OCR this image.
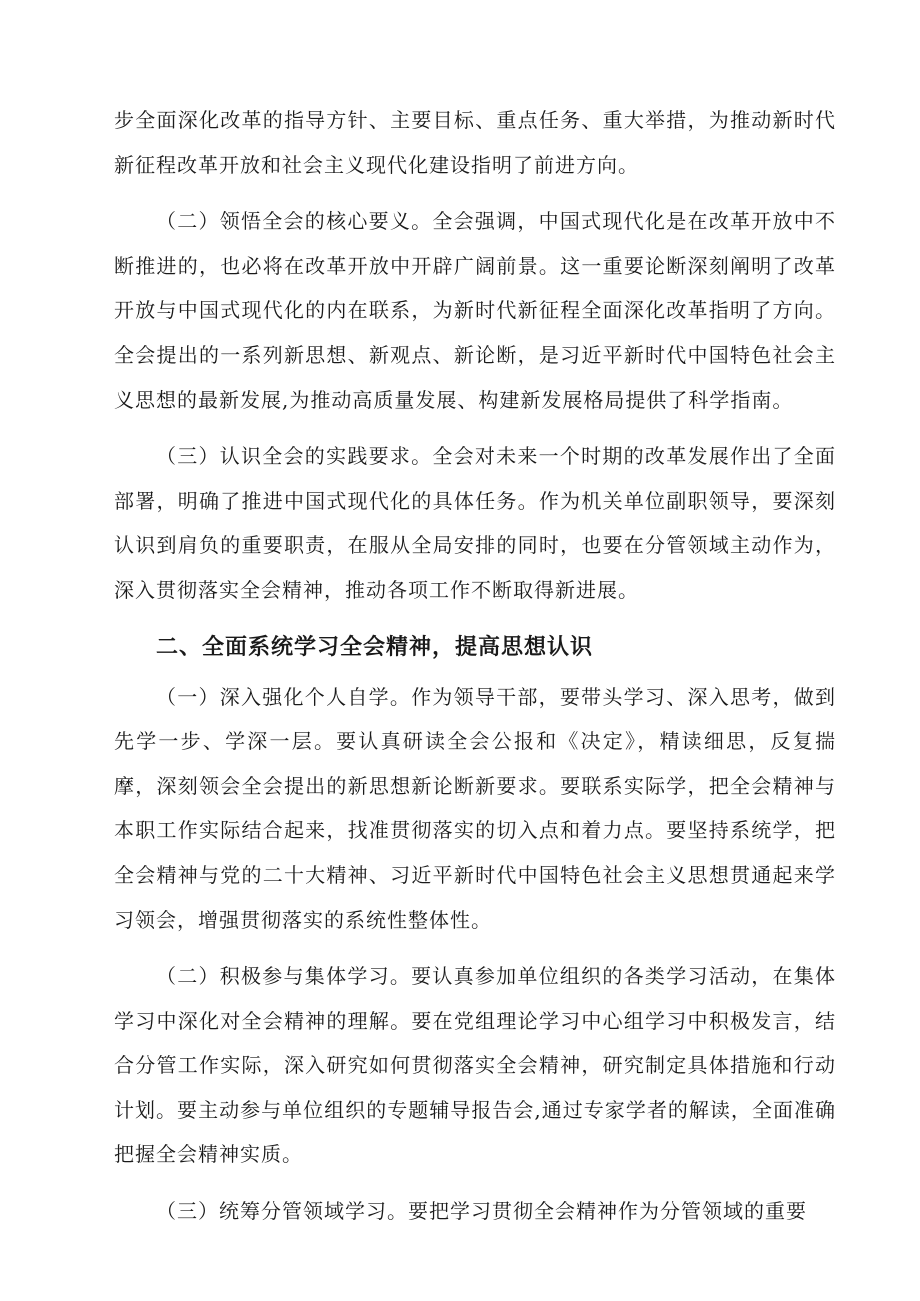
步全面深化改革的指导方针、主要目标、重点任务、重大举措，为推动新时代新征程改革开放和社会主义现代化建设指明了前进方向。

（二）领悟全会的核心要义。全会强调，中国式现代化是在改革开放中不断推进的，也必将在改革开放中开辟广阔前景。这一重要论断深刻阐明了改革开放与中国式现代化的内在联系，为新时代新征程全面深化改革指明了方向。全会提出的一系列新思想、新观点、新论断，是习近平新时代中国特色社会主义思想的最新发展,为推动高质量发展、构建新发展格局提供了科学指南。

（三）认识全会的实践要求。全会对未来一个时期的改革发展作出了全面部署，明确了推进中国式现代化的具体任务。作为机关单位副职领导，要深刻认识到肩负的重要职责，在服从全局安排的同时，也要在分管领域主动作为，深入贯彻落实全会精神，推动各项工作不断取得新进展。

二、全面系统学习全会精神，提高思想认识

（一）深入强化个人自学。作为领导干部，要带头学习、深入思考，做到先学一步、学深一层。要认真研读全会公报和《决定》，精读细思，反复揣摩，深刻领会全会提出的新思想新论断新要求。要联系实际学，把全会精神与本职工作实际结合起来，找准贯彻落实的切入点和着力点。要坚持系统学，把全会精神与党的二十大精神、习近平新时代中国特色社会主义思想贯通起来学习领会，增强贯彻落实的系统性整体性。

（二）积极参与集体学习。要认真参加单位组织的各类学习活动，在集体学习中深化对全会精神的理解。要在党组理论学习中心组学习中积极发言，结合分管工作实际，深入研究如何贯彻落实全会精神，研究制定具体措施和行动计划。要主动参与单位组织的专题辅导报告会,通过专家学者的解读，全面准确把握全会精神实质。

（三）统筹分管领域学习。要把学习贯彻全会精神作为分管领域的重要
